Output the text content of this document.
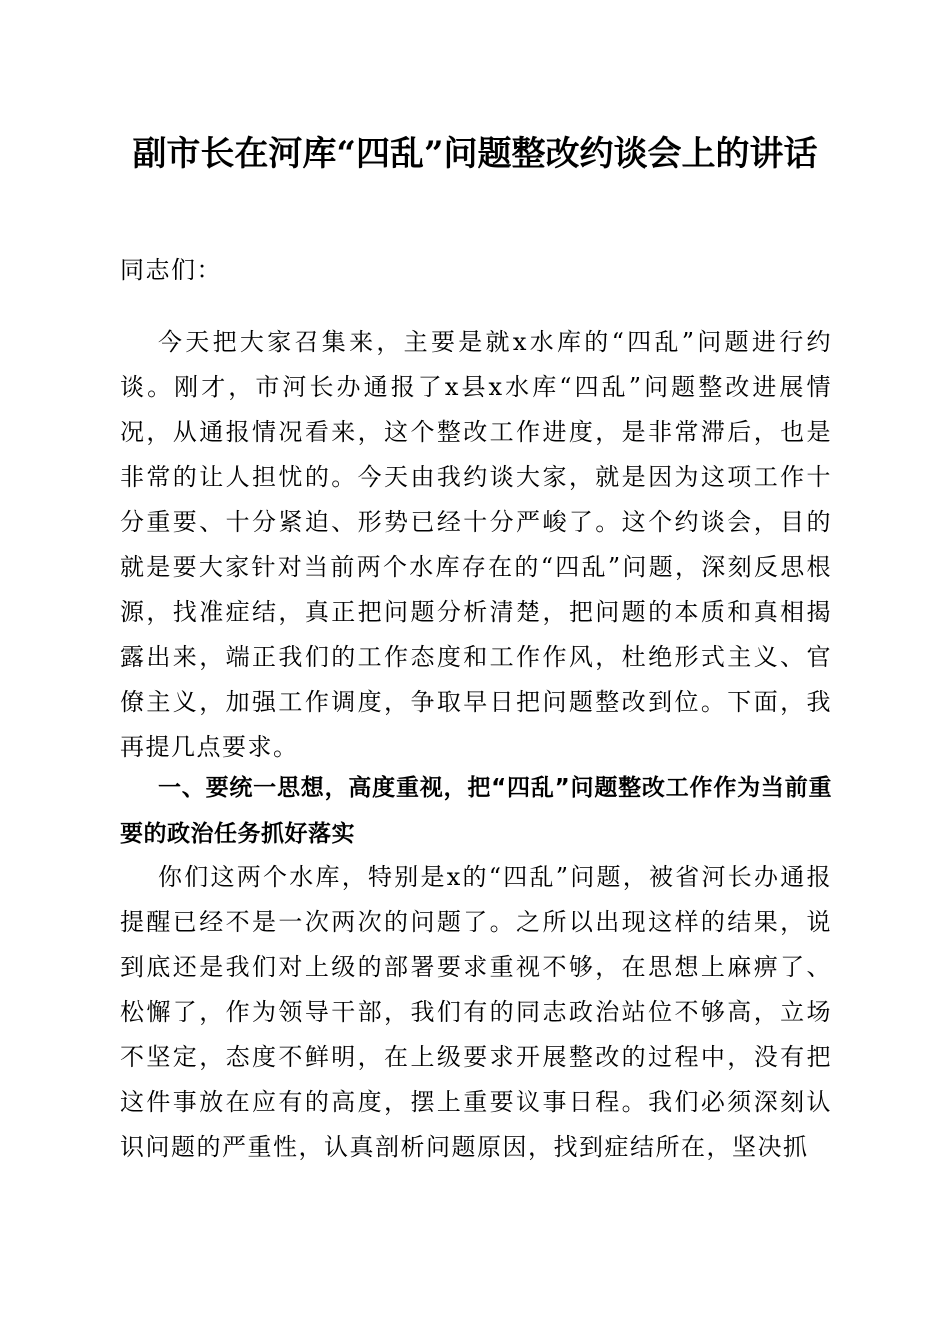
副市长在河库“四乱”问题整改约谈会上的讲话

同志们：

今天把大家召集来，主要是就x水库的“四乱”问题进行约谈。刚才，市河长办通报了x县x水库“四乱”问题整改进展情况，从通报情况看来，这个整改工作进度，是非常滞后，也是非常的让人担忧的。今天由我约谈大家，就是因为这项工作十分重要、十分紧迫、形势已经十分严峻了。这个约谈会，目的就是要大家针对当前两个水库存在的“四乱”问题，深刻反思根源，找准症结，真正把问题分析清楚，把问题的本质和真相揭露出来，端正我们的工作态度和工作作风，杜绝形式主义、官僚主义，加强工作调度，争取早日把问题整改到位。下面，我再提几点要求。

一、要统一思想，高度重视，把“四乱”问题整改工作作为当前重要的政治任务抓好落实

你们这两个水库，特别是x的“四乱”问题，被省河长办通报提醒已经不是一次两次的问题了。之所以出现这样的结果，说到底还是我们对上级的部署要求重视不够，在思想上麻痹了、松懈了，作为领导干部，我们有的同志政治站位不够高，立场不坚定，态度不鲜明，在上级要求开展整改的过程中，没有把这件事放在应有的高度，摆上重要议事日程。我们必须深刻认识问题的严重性，认真剖析问题原因，找到症结所在，坚决抓
